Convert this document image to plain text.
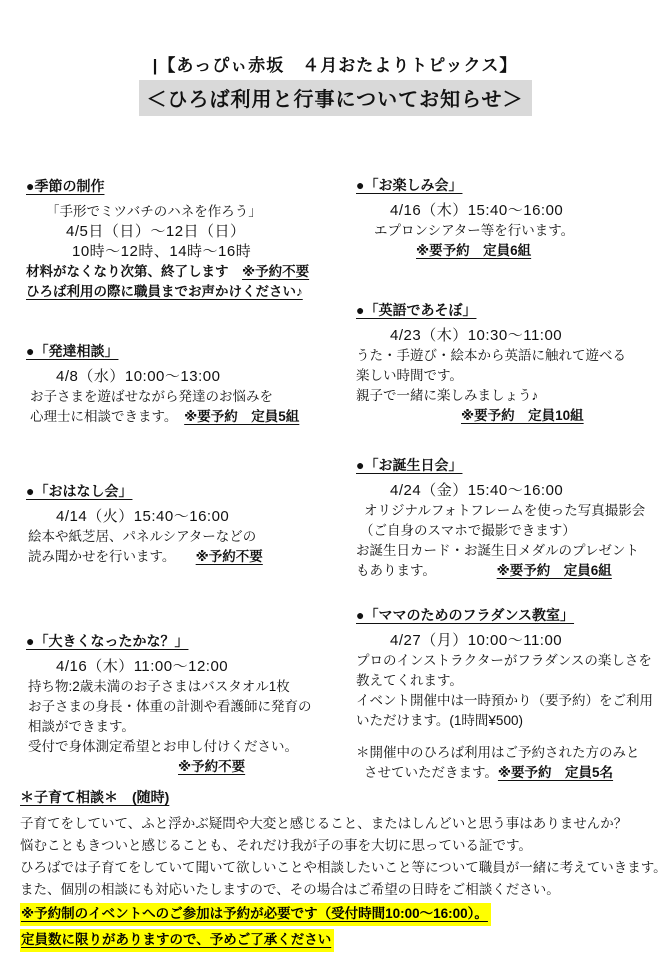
|【あっぴぃ赤坂　４月おたよりトピックス】
＜ひろば利用と行事についてお知らせ＞
●季節の制作
「手形でミツバチのハネを作ろう」
4/5日（日）～12日（日）
10時～12時、14時～16時
材料がなくなり次第、終了します　※予約不要
ひろば利用の際に職員までお声かけください♪
●「発達相談」
4/8（水）10:00～13:00
お子さまを遊ばせながら発達のお悩みを
心理士に相談できます。　※要予約　定員5組
●「おはなし会」
4/14（火）15:40～16:00
絵本や紙芝居、パネルシアターなどの
読み聞かせを行います。　　※予約不要
●「大きくなったかな？」
4/16（木）11:00～12:00
持ち物:2歳未満のお子さまはバスタオル1枚
お子さまの身長・体重の計測や看護師に発育の
相談ができます。
受付で身体測定希望とお申し付けください。
※予約不要
●「お楽しみ会」
4/16（木）15:40～16:00
エプロンシアター等を行います。
※要予約　定員6組
●「英語であそぼ」
4/23（木）10:30～11:00
うた・手遊び・絵本から英語に触れて遊べる
楽しい時間です。
親子で一緒に楽しみましょう♪
※要予約　定員10組
●「お誕生日会」
4/24（金）15:40～16:00
オリジナルフォトフレームを使った写真撮影会
（ご自身のスマホで撮影できます）
お誕生日カード・お誕生日メダルのプレゼント
もあります。　　　　　※要予約　定員6組
●「ママのためのフラダンス教室」
4/27（月）10:00～11:00
プロのインストラクターがフラダンスの楽しさを
教えてくれます。
イベント開催中は一時預かり（要予約）をご利用
いただけます。(1時間¥500)
＊開催中のひろば利用はご予約された方のみと
させていただきます。※要予約　定員5名
＊子育て相談＊　(随時)
子育てをしていて、ふと浮かぶ疑問や大変と感じること、またはしんどいと思う事はありませんか？
悩むこともきついと感じることも、それだけ我が子の事を大切に思っている証です。
ひろばでは子育てをしていて聞いて欲しいことや相談したいこと等について職員が一緒に考えていきます。
また、個別の相談にも対応いたしますので、その場合はご希望の日時をご相談ください。
※予約制のイベントへのご参加は予約が必要です（受付時間10:00～16:00）。
定員数に限りがありますので、予めご了承ください
